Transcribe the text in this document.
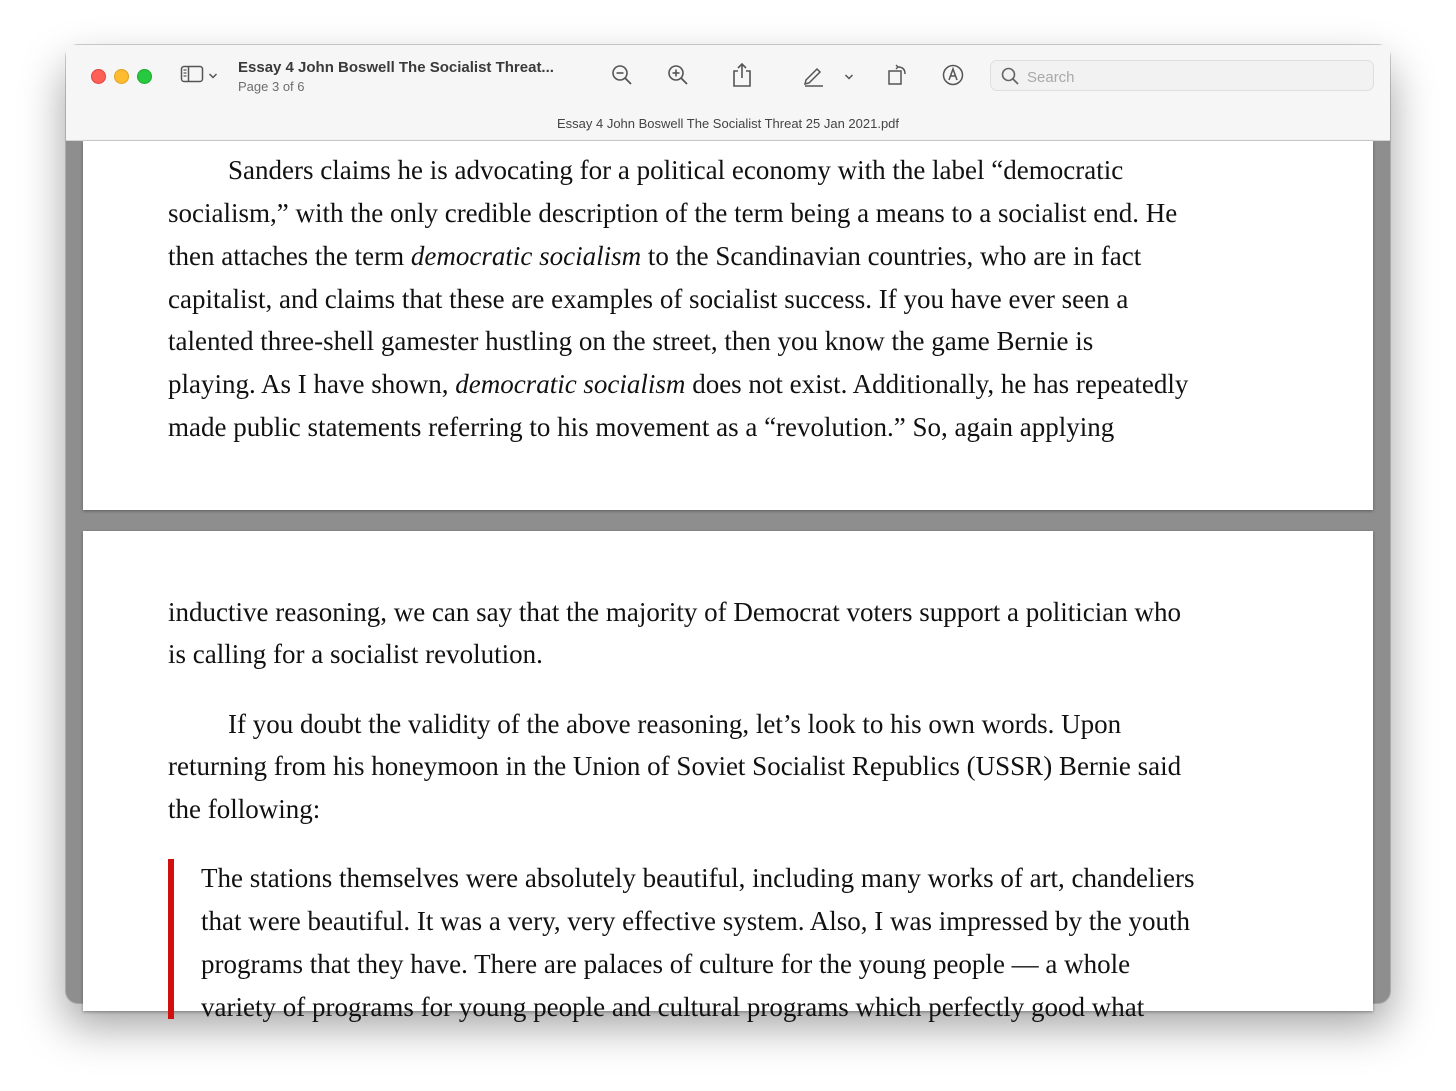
Essay 4 John Boswell The Socialist Threat...
Page 3 of 6
Search
Essay 4 John Boswell The Socialist Threat 25 Jan 2021.pdf
Sanders claims he is advocating for a political economy with the label “democratic
socialism,” with the only credible description of the term being a means to a socialist end. He
then attaches the term democratic socialism to the Scandinavian countries, who are in fact
capitalist, and claims that these are examples of socialist success. If you have ever seen a
talented three-shell gamester hustling on the street, then you know the game Bernie is
playing. As I have shown, democratic socialism does not exist. Additionally, he has repeatedly
made public statements referring to his movement as a “revolution.” So, again applying
inductive reasoning, we can say that the majority of Democrat voters support a politician who
is calling for a socialist revolution.
If you doubt the validity of the above reasoning, let’s look to his own words. Upon
returning from his honeymoon in the Union of Soviet Socialist Republics (USSR) Bernie said
the following:
The stations themselves were absolutely beautiful, including many works of art, chandeliers
that were beautiful. It was a very, very effective system. Also, I was impressed by the youth
programs that they have. There are palaces of culture for the young people — a whole
variety of programs for young people and cultural programs which perfectly good what
